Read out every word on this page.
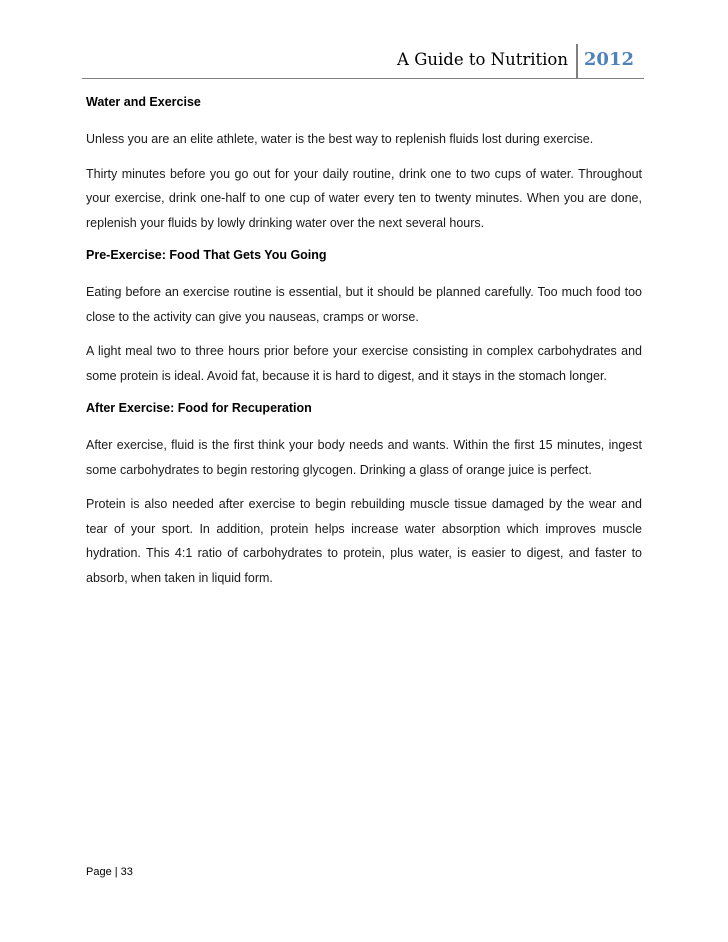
A Guide to Nutrition 2012
Water and Exercise

Unless you are an elite athlete, water is the best way to replenish fluids lost during exercise.

Thirty minutes before you go out for your daily routine, drink one to two cups of water. Throughout your exercise, drink one-half to one cup of water every ten to twenty minutes. When you are done, replenish your fluids by lowly drinking water over the next several hours.

Pre-Exercise: Food That Gets You Going

Eating before an exercise routine is essential, but it should be planned carefully. Too much food too close to the activity can give you nauseas, cramps or worse.

A light meal two to three hours prior before your exercise consisting in complex carbohydrates and some protein is ideal. Avoid fat, because it is hard to digest, and it stays in the stomach longer.

After Exercise: Food for Recuperation

After exercise, fluid is the first think your body needs and wants. Within the first 15 minutes, ingest some carbohydrates to begin restoring glycogen. Drinking a glass of orange juice is perfect.

Protein is also needed after exercise to begin rebuilding muscle tissue damaged by the wear and tear of your sport. In addition, protein helps increase water absorption which improves muscle hydration. This 4:1 ratio of carbohydrates to protein, plus water, is easier to digest, and faster to absorb, when taken in liquid form.

Page | 33
